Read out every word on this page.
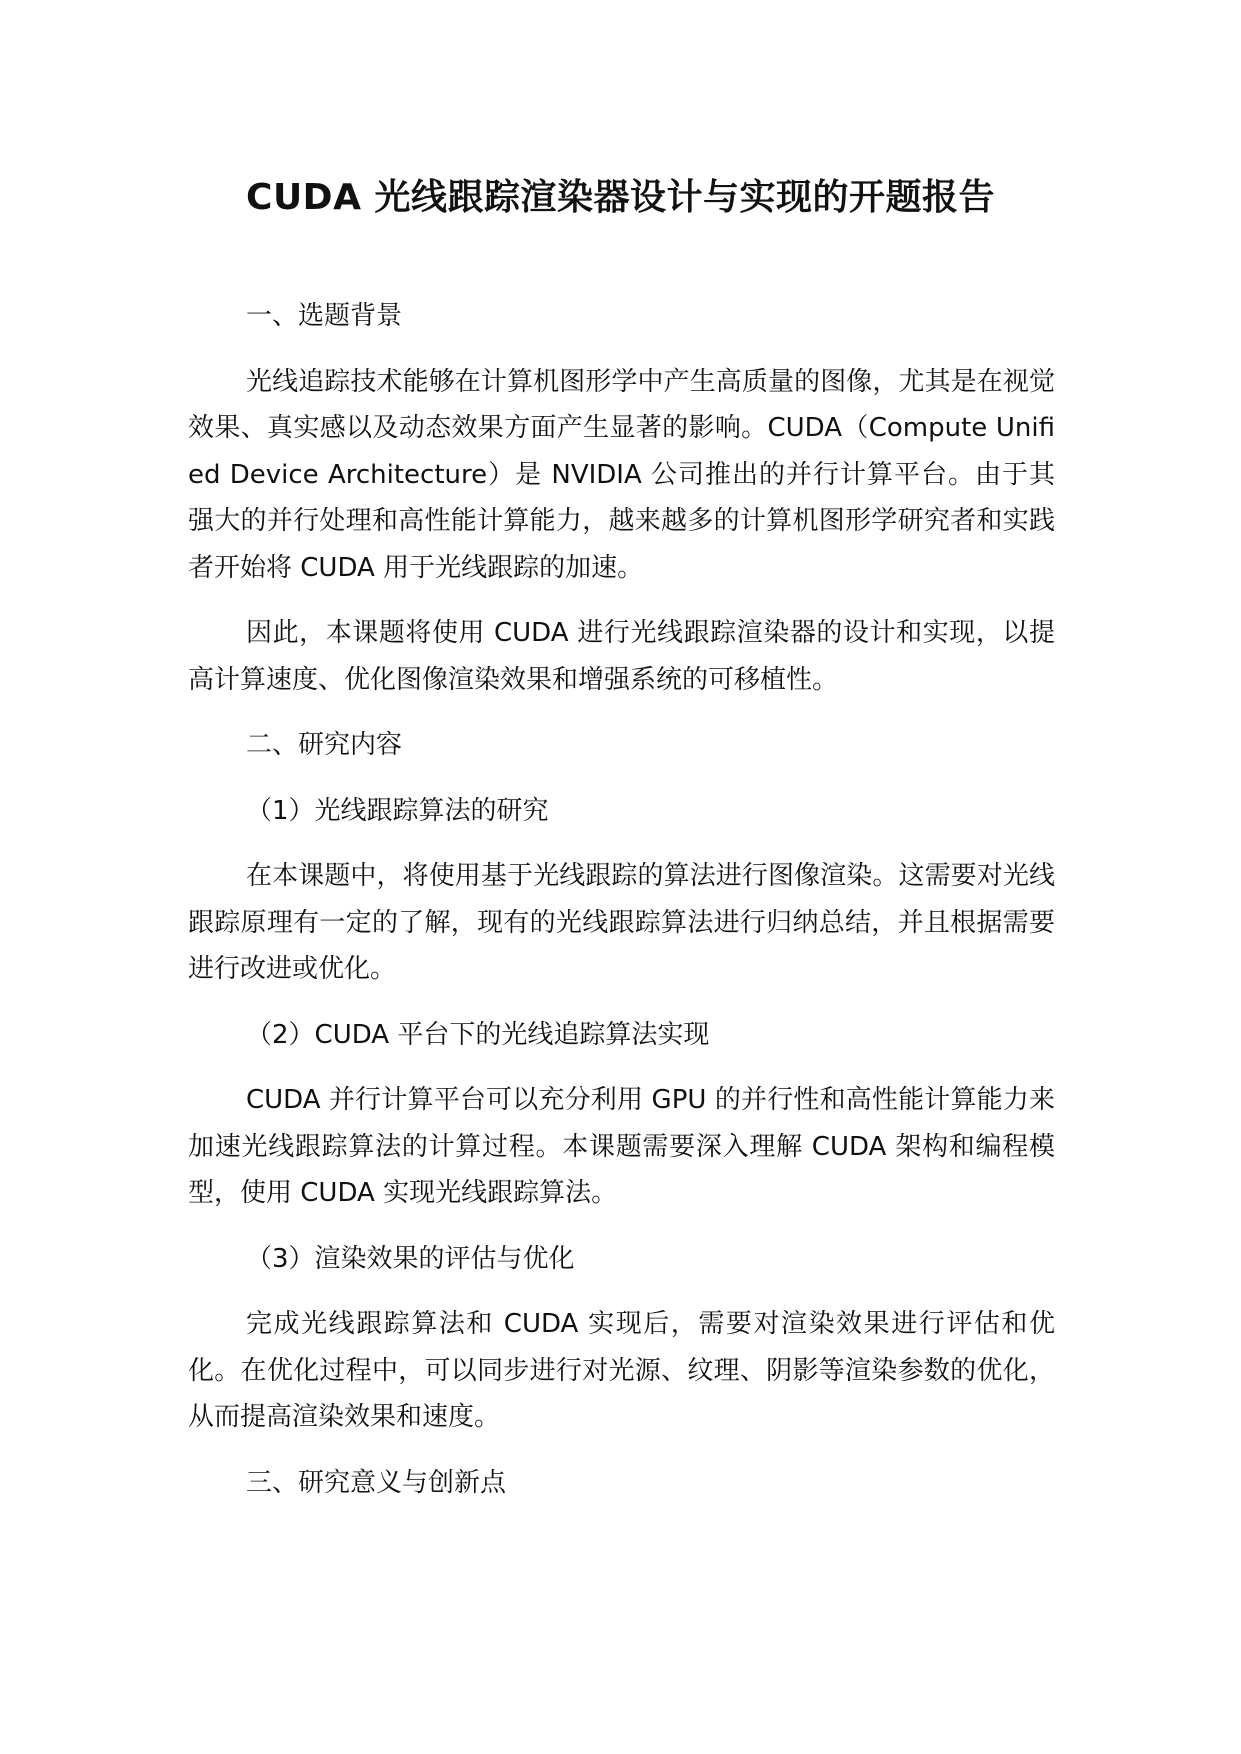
CUDA 光线跟踪渲染器设计与实现的开题报告

一、选题背景

光线追踪技术能够在计算机图形学中产生高质量的图像，尤其是在视觉效果、真实感以及动态效果方面产生显著的影响。CUDA（Compute Unified Device Architecture）是 NVIDIA 公司推出的并行计算平台。由于其强大的并行处理和高性能计算能力，越来越多的计算机图形学研究者和实践者开始将 CUDA 用于光线跟踪的加速。

因此，本课题将使用 CUDA 进行光线跟踪渲染器的设计和实现，以提高计算速度、优化图像渲染效果和增强系统的可移植性。

二、研究内容

（1）光线跟踪算法的研究

在本课题中，将使用基于光线跟踪的算法进行图像渲染。这需要对光线跟踪原理有一定的了解，现有的光线跟踪算法进行归纳总结，并且根据需要进行改进或优化。

（2）CUDA 平台下的光线追踪算法实现

CUDA 并行计算平台可以充分利用 GPU 的并行性和高性能计算能力来加速光线跟踪算法的计算过程。本课题需要深入理解 CUDA 架构和编程模型，使用 CUDA 实现光线跟踪算法。

（3）渲染效果的评估与优化

完成光线跟踪算法和 CUDA 实现后，需要对渲染效果进行评估和优化。在优化过程中，可以同步进行对光源、纹理、阴影等渲染参数的优化，从而提高渲染效果和速度。

三、研究意义与创新点
